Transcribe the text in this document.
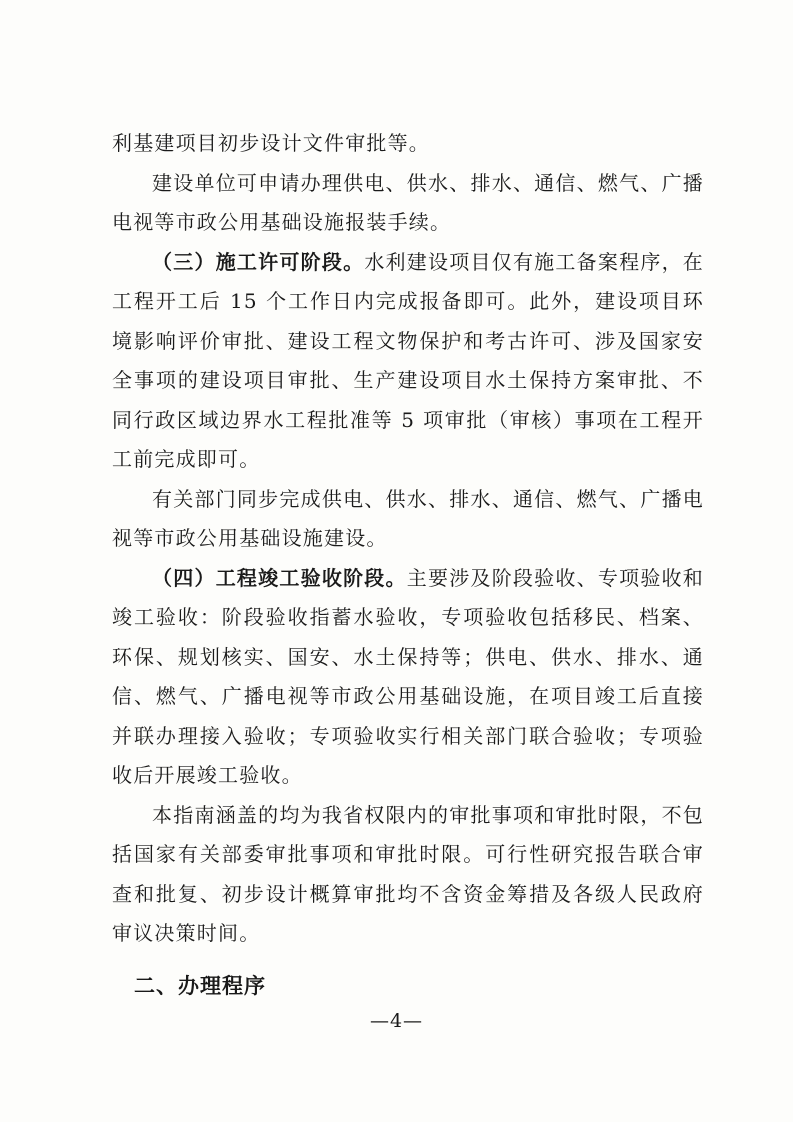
利基建项目初步设计文件审批等。

建设单位可申请办理供电、供水、排水、通信、燃气、广播电视等市政公用基础设施报装手续。

（三）施工许可阶段。水利建设项目仅有施工备案程序，在工程开工后 15 个工作日内完成报备即可。此外，建设项目环境影响评价审批、建设工程文物保护和考古许可、涉及国家安全事项的建设项目审批、生产建设项目水土保持方案审批、不同行政区域边界水工程批准等 5 项审批（审核）事项在工程开工前完成即可。

有关部门同步完成供电、供水、排水、通信、燃气、广播电视等市政公用基础设施建设。

（四）工程竣工验收阶段。主要涉及阶段验收、专项验收和竣工验收：阶段验收指蓄水验收，专项验收包括移民、档案、环保、规划核实、国安、水土保持等；供电、供水、排水、通信、燃气、广播电视等市政公用基础设施，在项目竣工后直接并联办理接入验收；专项验收实行相关部门联合验收；专项验收后开展竣工验收。

本指南涵盖的均为我省权限内的审批事项和审批时限，不包括国家有关部委审批事项和审批时限。可行性研究报告联合审查和批复、初步设计概算审批均不含资金筹措及各级人民政府审议决策时间。

二、办理程序
—4—
